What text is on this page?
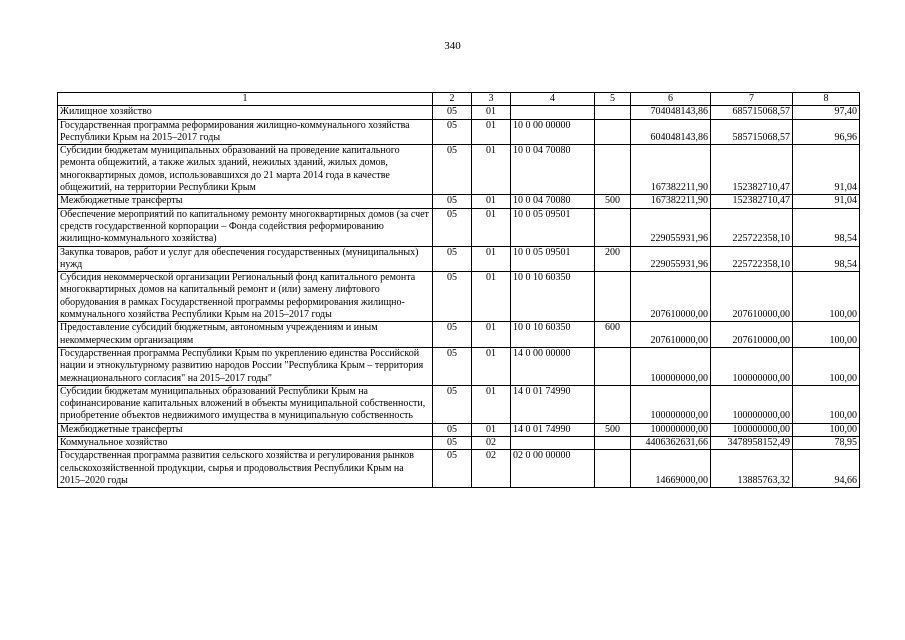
340
1	2	3	4	5	6	7	8
Жилищное хозяйство	05	01			704048143,86	685715068,57	97,40
Государственная программа реформирования жилищно-коммунального хозяйства Республики Крым на 2015–2017 годы	05	01	10 0 00 00000		604048143,86	585715068,57	96,96
Субсидии бюджетам муниципальных образований на проведение капитального ремонта общежитий, а также жилых зданий, нежилых зданий, жилых домов, многоквартирных домов, использовавшихся до 21 марта 2014 года в качестве общежитий, на территории Республики Крым	05	01	10 0 04 70080		167382211,90	152382710,47	91,04
Межбюджетные трансферты	05	01	10 0 04 70080	500	167382211,90	152382710,47	91,04
Обеспечение мероприятий по капитальному ремонту многоквартирных домов (за счет средств государственной корпорации – Фонда содействия реформированию жилищно-коммунального хозяйства)	05	01	10 0 05 09501		229055931,96	225722358,10	98,54
Закупка товаров, работ и услуг для обеспечения государственных (муниципальных) нужд	05	01	10 0 05 09501	200	229055931,96	225722358,10	98,54
Субсидия некоммерческой организации Региональный фонд капитального ремонта многоквартирных домов на капитальный ремонт и (или) замену лифтового оборудования в рамках Государственной программы реформирования жилищно-коммунального хозяйства Республики Крым на 2015–2017 годы	05	01	10 0 10 60350		207610000,00	207610000,00	100,00
Предоставление субсидий бюджетным, автономным учреждениям и иным некоммерческим организациям	05	01	10 0 10 60350	600	207610000,00	207610000,00	100,00
Государственная программа Республики Крым по укреплению единства Российской нации и этнокультурному развитию народов России "Республика Крым – территория межнационального согласия" на 2015–2017 годы"	05	01	14 0 00 00000		100000000,00	100000000,00	100,00
Субсидии бюджетам муниципальных образований Республики Крым на софинансирование капитальных вложений в объекты муниципальной собственности, приобретение объектов недвижимого имущества в муниципальную собственность	05	01	14 0 01 74990		100000000,00	100000000,00	100,00
Межбюджетные трансферты	05	01	14 0 01 74990	500	100000000,00	100000000,00	100,00
Коммунальное хозяйство	05	02			4406362631,66	3478958152,49	78,95
Государственная программа развития сельского хозяйства и регулирования рынков сельскохозяйственной продукции, сырья и продовольствия Республики Крым на 2015–2020 годы	05	02	02 0 00 00000		14669000,00	13885763,32	94,66
